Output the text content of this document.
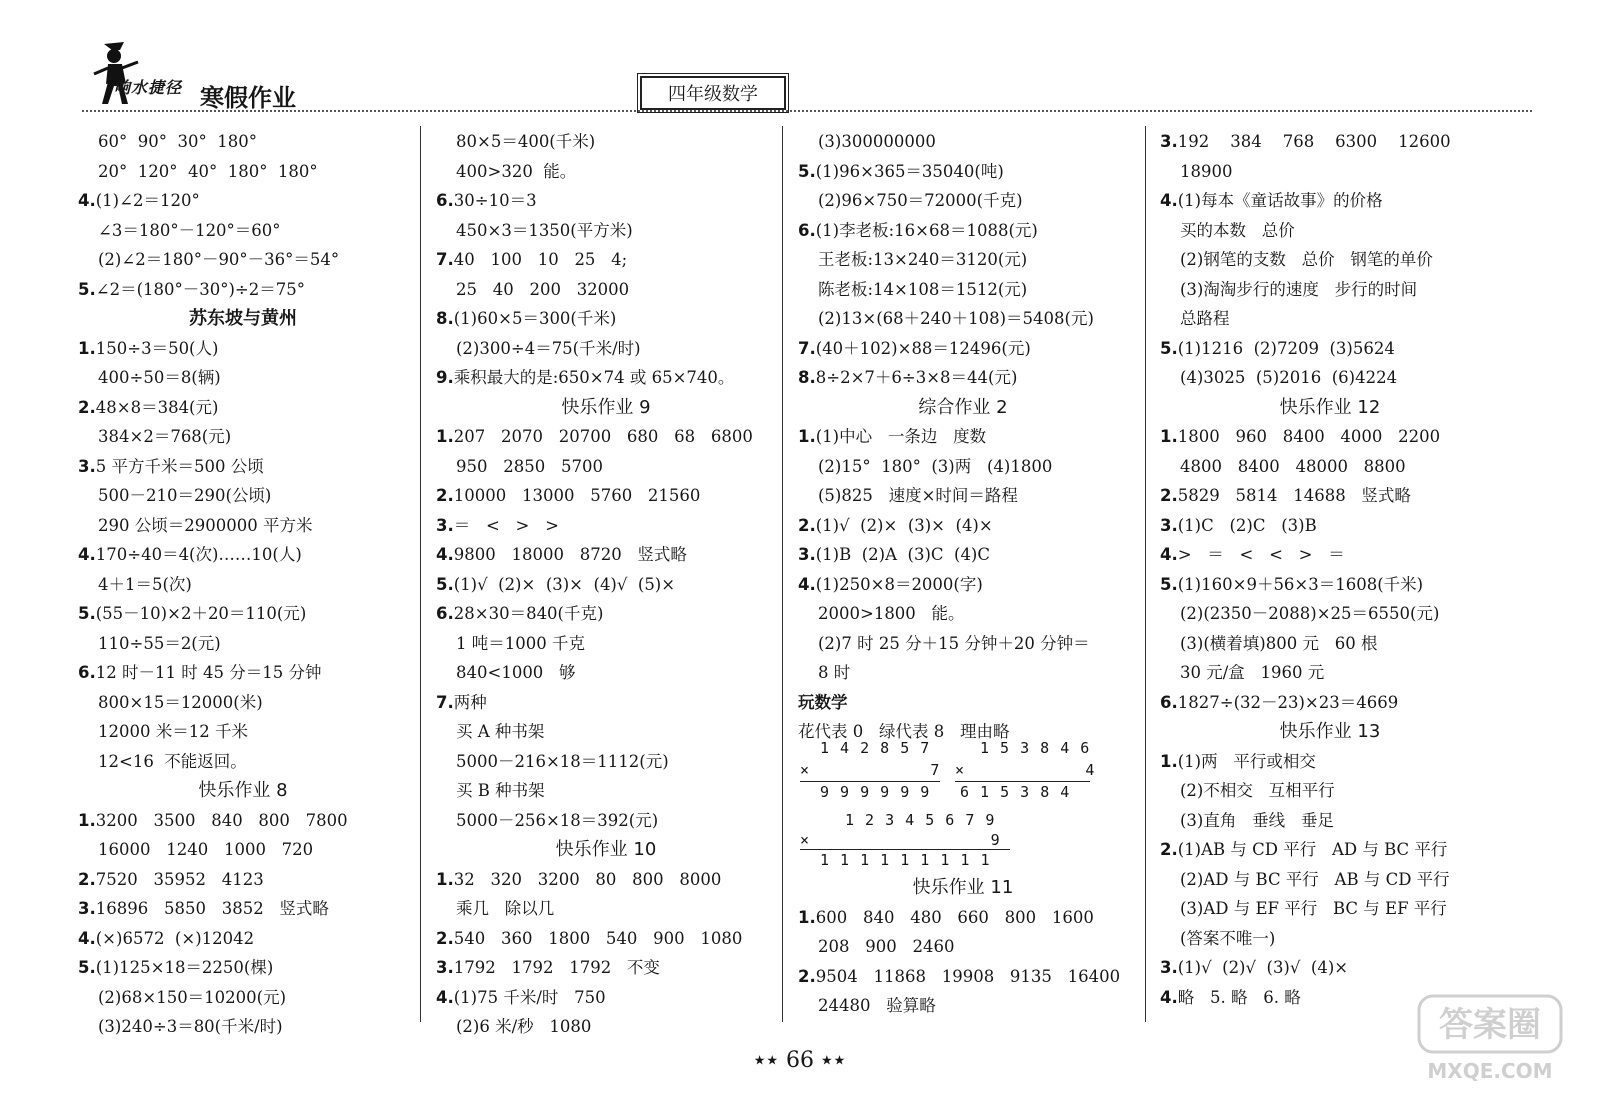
响水捷径 寒假作业	四年级数学
60°  90°  30°  180°
20°  120°  40°  180°  180°
4.(1)∠2＝120°
∠3＝180°－120°＝60°
(2)∠2＝180°－90°－36°＝54°
5.∠2＝(180°－30°)÷2＝75°
苏东坡与黄州
1.150÷3＝50(人)
400÷50＝8(辆)
2.48×8＝384(元)
384×2＝768(元)
3.5 平方千米＝500 公顷
500－210＝290(公顷)
290 公顷＝2900000 平方米
4.170÷40＝4(次)……10(人)
4＋1＝5(次)
5.(55－10)×2＋20＝110(元)
110÷55＝2(元)
6.12 时－11 时 45 分＝15 分钟
800×15＝12000(米)
12000 米＝12 千米
12<16  不能返回。
快乐作业 8
1.3200   3500   840   800   7800
16000   1240   1000   720
2.7520   35952   4123
3.16896   5850   3852   竖式略
4.(×)6572  (×)12042
5.(1)125×18＝2250(棵)
(2)68×150＝10200(元)
(3)240÷3＝80(千米/时)
80×5＝400(千米)
400>320  能。
6.30÷10＝3
450×3＝1350(平方米)
7.40   100   10   25   4;
25   40   200   32000
8.(1)60×5＝300(千米)
(2)300÷4＝75(千米/时)
9.乘积最大的是:650×74 或 65×740。
快乐作业 9
1.207   2070   20700   680   68   6800
950   2850   5700
2.10000   13000   5760   21560
3.＝   <   >   >
4.9800   18000   8720   竖式略
5.(1)√  (2)×  (3)×  (4)√  (5)×
6.28×30＝840(千克)
1 吨＝1000 千克
840<1000   够
7.两种
买 A 种书架
5000－216×18＝1112(元)
买 B 种书架
5000－256×18＝392(元)
快乐作业 10
1.32   320   3200   80   800   8000
乘几   除以几
2.540   360   1800   540   900   1080
3.1792   1792   1792   不变
4.(1)75 千米/时   750
(2)6 米/秒   1080
(3)300000000
5.(1)96×365＝35040(吨)
(2)96×750＝72000(千克)
6.(1)李老板:16×68＝1088(元)
王老板:13×240＝3120(元)
陈老板:14×108＝1512(元)
(2)13×(68＋240＋108)＝5408(元)
7.(40＋102)×88＝12496(元)
8.8÷2×7＋6÷3×8＝44(元)
综合作业 2
1.(1)中心   一条边   度数
(2)15°  180°  (3)两   (4)1800
(5)825   速度×时间＝路程
2.(1)√  (2)×  (3)×  (4)×
3.(1)B  (2)A  (3)C  (4)C
4.(1)250×8＝2000(字)
2000>1800   能。
(2)7 时 25 分＋15 分钟＋20 分钟＝
8 时
玩数学
花代表 0   绿代表 8   理由略
1 4 2 8 5 7
×            7
9 9 9 9 9 9
1 5 3 8 4 6
×            4
6 1 5 3 8 4
1 2 3 4 5 6 7 9
×                  9
1 1 1 1 1 1 1 1 1
快乐作业 11
1.600   840   480   660   800   1600
208   900   2460
2.9504   11868   19908   9135   16400
24480   验算略
3.192    384    768    6300    12600
18900
4.(1)每本《童话故事》的价格
买的本数   总价
(2)钢笔的支数   总价   钢笔的单价
(3)淘淘步行的速度   步行的时间
总路程
5.(1)1216  (2)7209  (3)5624
(4)3025  (5)2016  (6)4224
快乐作业 12
1.1800   960   8400   4000   2200
4800   8400   48000   8800
2.5829   5814   14688   竖式略
3.(1)C   (2)C   (3)B
4.>   ＝   <   <   >   ＝
5.(1)160×9＋56×3＝1608(千米)
(2)(2350－2088)×25＝6550(元)
(3)(横着填)800 元   60 根
30 元/盒   1960 元
6.1827÷(32－23)×23＝4669
快乐作业 13
1.(1)两   平行或相交
(2)不相交   互相平行
(3)直角   垂线   垂足
2.(1)AB 与 CD 平行   AD 与 BC 平行
(2)AD 与 BC 平行   AB 与 CD 平行
(3)AD 与 EF 平行   BC 与 EF 平行
(答案不唯一)
3.(1)√  (2)√  (3)√  (4)×
4.略   5. 略   6. 略
★★ 66 ★★
答案圈
MXQE.COM
